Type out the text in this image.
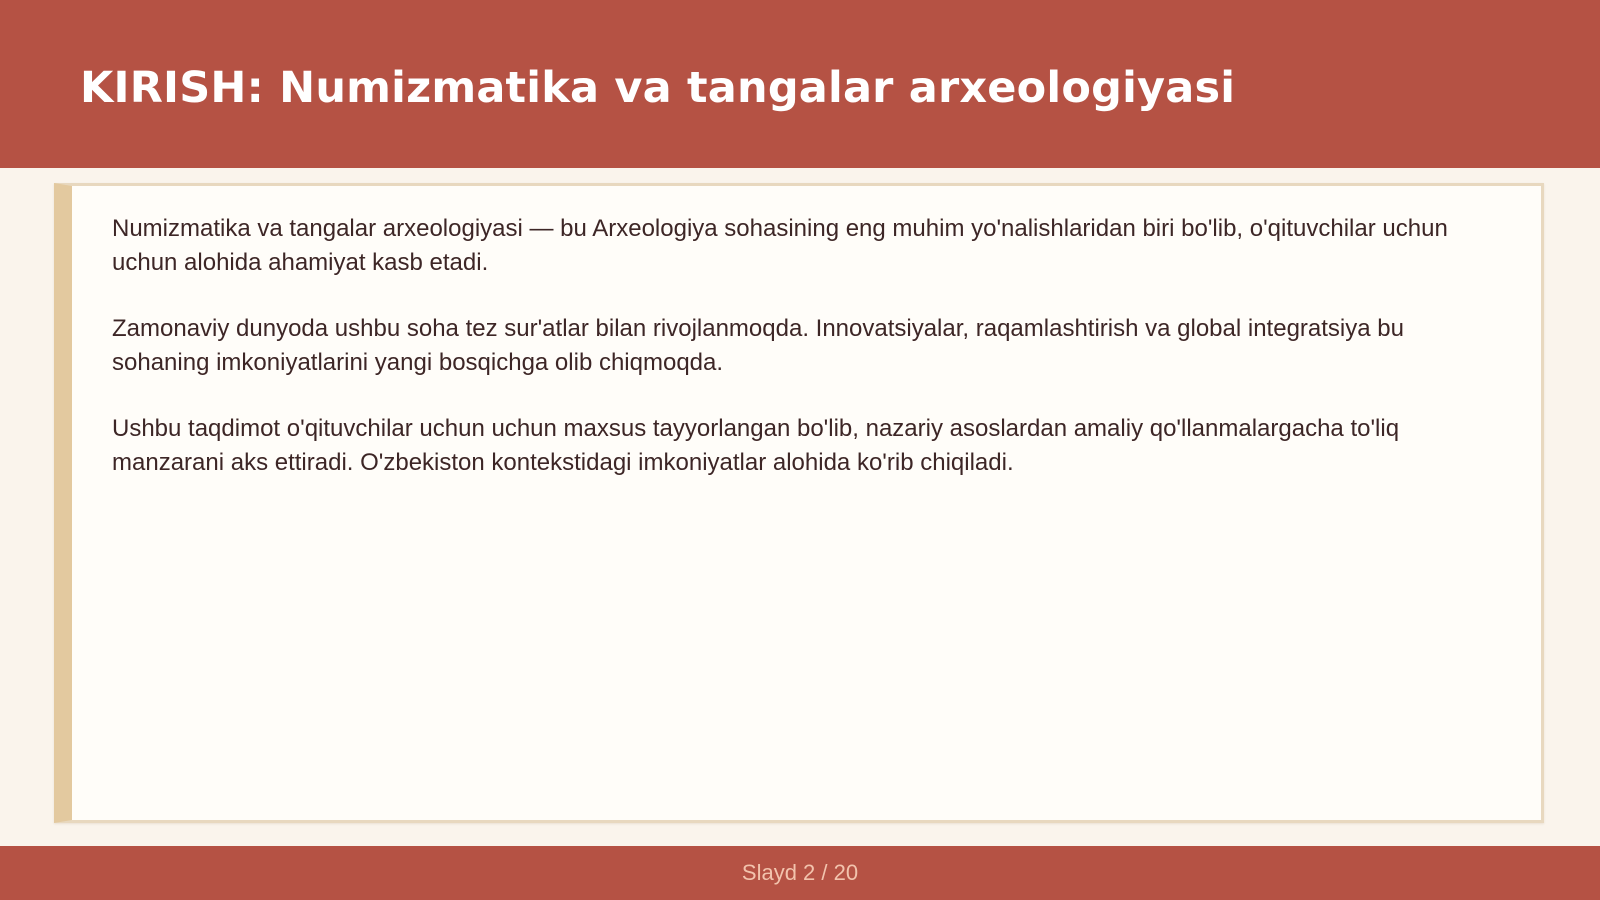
KIRISH: Numizmatika va tangalar arxeologiyasi

Numizmatika va tangalar arxeologiyasi — bu Arxeologiya sohasining eng muhim yo'nalishlaridan biri bo'lib, o'qituvchilar uchun uchun alohida ahamiyat kasb etadi.

Zamonaviy dunyoda ushbu soha tez sur'atlar bilan rivojlanmoqda. Innovatsiyalar, raqamlashtirish va global integratsiya bu sohaning imkoniyatlarini yangi bosqichga olib chiqmoqda.

Ushbu taqdimot o'qituvchilar uchun uchun maxsus tayyorlangan bo'lib, nazariy asoslardan amaliy qo'llanmalargacha to'liq manzarani aks ettiradi. O'zbekiston kontekstidagi imkoniyatlar alohida ko'rib chiqiladi.

Slayd 2 / 20
